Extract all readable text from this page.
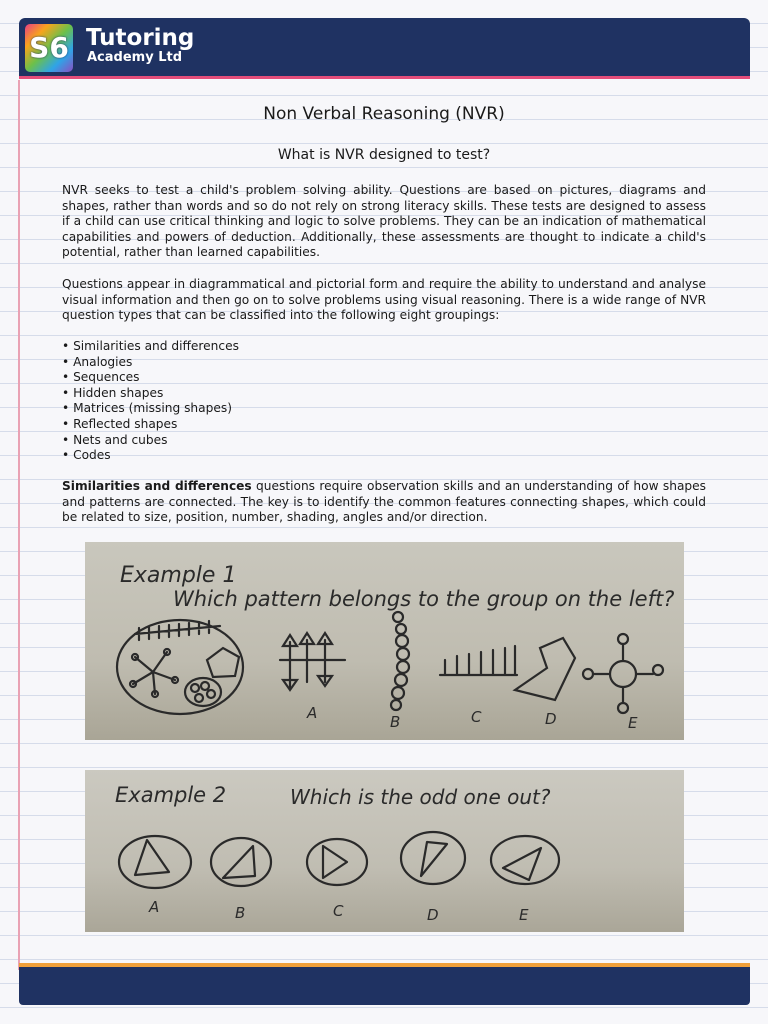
S6 Tutoring
Academy Ltd
Non Verbal Reasoning (NVR)
What is NVR designed to test?

NVR seeks to test a child's problem solving ability. Questions are based on pictures, diagrams and shapes, rather than words and so do not rely on strong literacy skills. These tests are designed to assess if a child can use critical thinking and logic to solve problems. They can be an indication of mathematical capabilities and powers of deduction. Additionally, these assessments are thought to indicate a child's potential, rather than learned capabilities.

Questions appear in diagrammatical and pictorial form and require the ability to understand and analyse visual information and then go on to solve problems using visual reasoning. There is a wide range of NVR question types that can be classified into the following eight groupings:

• Similarities and differences
• Analogies
• Sequences
• Hidden shapes
• Matrices (missing shapes)
• Reflected shapes
• Nets and cubes
• Codes

Similarities and differences questions require observation skills and an understanding of how shapes and patterns are connected. The key is to identify the common features connecting shapes, which could be related to size, position, number, shading, angles and/or direction.

Example 1
Which pattern belongs to the group on the left?
A	B	C	D	E
Example 2	Which is the odd one out?
A	B	C	D	E
